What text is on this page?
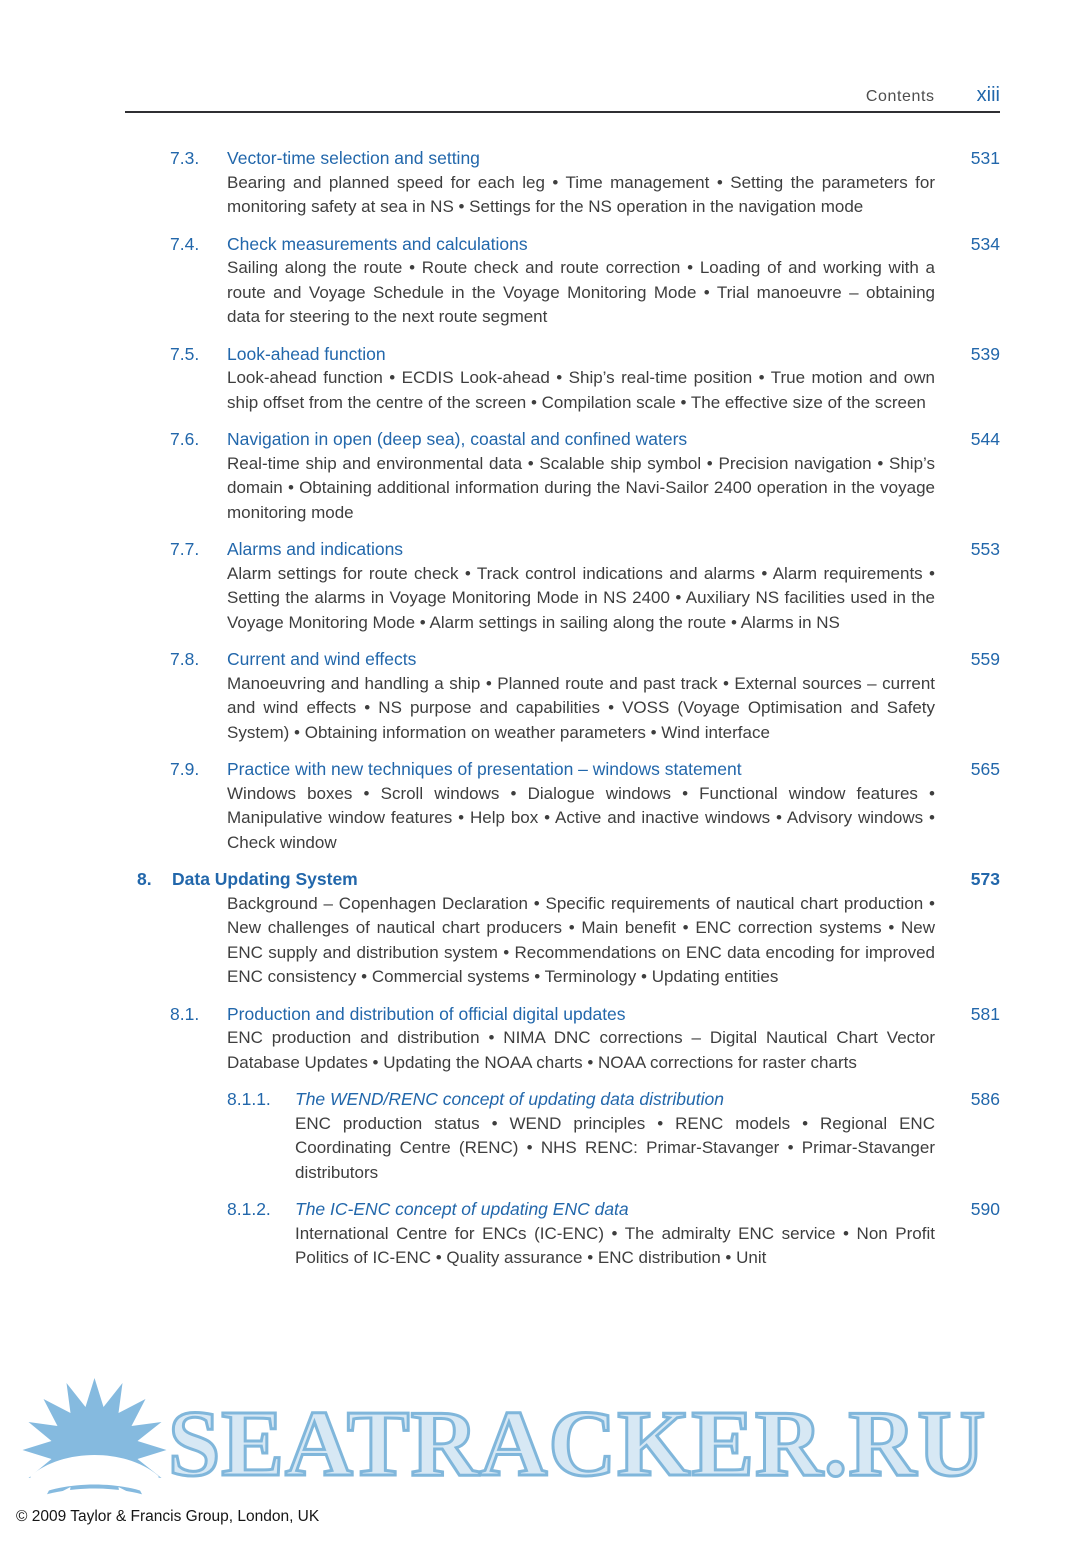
Contents xiii
7.3.	Vector-time selection and setting	531
Bearing and planned speed for each leg • Time management • Setting the parameters for monitoring safety at sea in NS • Settings for the NS operation in the navigation mode
7.4.	Check measurements and calculations	534
Sailing along the route • Route check and route correction • Loading of and working with a route and Voyage Schedule in the Voyage Monitoring Mode • Trial manoeuvre – obtaining data for steering to the next route segment
7.5.	Look-ahead function	539
Look-ahead function • ECDIS Look-ahead • Ship’s real-time position • True motion and own ship offset from the centre of the screen • Compilation scale • The effective size of the screen
7.6.	Navigation in open (deep sea), coastal and confined waters	544
Real-time ship and environmental data • Scalable ship symbol • Precision navigation • Ship’s domain • Obtaining additional information during the Navi-Sailor 2400 operation in the voyage monitoring mode
7.7.	Alarms and indications	553
Alarm settings for route check • Track control indications and alarms • Alarm requirements • Setting the alarms in Voyage Monitoring Mode in NS 2400 • Auxiliary NS facilities used in the Voyage Monitoring Mode • Alarm settings in sailing along the route • Alarms in NS
7.8.	Current and wind effects	559
Manoeuvring and handling a ship • Planned route and past track • External sources – current and wind effects • NS purpose and capabilities • VOSS (Voyage Optimisation and Safety System) • Obtaining information on weather parameters • Wind interface
7.9.	Practice with new techniques of presentation – windows statement	565
Windows boxes • Scroll windows • Dialogue windows • Functional window features • Manipulative window features • Help box • Active and inactive windows • Advisory windows • Check window
8.	Data Updating System	573
Background – Copenhagen Declaration • Specific requirements of nautical chart production • New challenges of nautical chart producers • Main benefit • ENC correction systems • New ENC supply and distribution system • Recommendations on ENC data encoding for improved ENC consistency • Commercial systems • Terminology • Updating entities
8.1.	Production and distribution of official digital updates	581
ENC production and distribution • NIMA DNC corrections – Digital Nautical Chart Vector Database Updates • Updating the NOAA charts • NOAA corrections for raster charts
8.1.1.	The WEND/RENC concept of updating data distribution	586
ENC production status • WEND principles • RENC models • Regional ENC Coordinating Centre (RENC) • NHS RENC: Primar-Stavanger • Primar-Stavanger distributors
8.1.2.	The IC-ENC concept of updating ENC data	590
International Centre for ENCs (IC-ENC) • The admiralty ENC service • Non Profit Politics of IC-ENC • Quality assurance • ENC distribution • Unit
SEATRACKER.RU
© 2009 Taylor & Francis Group, London, UK
